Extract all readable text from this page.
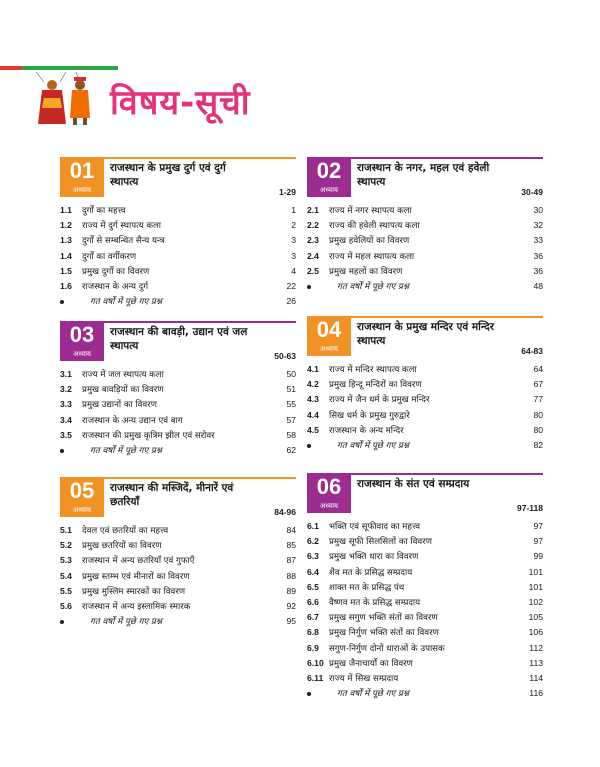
विषय-सूची
01
अध्याय
राजस्थान के प्रमुख दुर्ग एवं दुर्ग स्थापत्य
1-29
1.1	दुर्गों का महत्त्व	1
1.2	राज्य में दुर्ग स्थापत्य कला	2
1.3	दुर्गों से सम्बन्धित सैन्य यन्त्र	3
1.4	दुर्गों का वर्गीकरण	3
1.5	प्रमुख दुर्गों का विवरण	4
1.6	राजस्थान के अन्य दुर्ग	22
गत वर्षों में पूछे गए प्रश्न	26
02
अध्याय
राजस्थान के नगर, महल एवं हवेली स्थापत्य
30-49
2.1	राज्य में नगर स्थापत्य कला	30
2.2	राज्य की हवेली स्थापत्य कला	32
2.3	प्रमुख हवेलियों का विवरण	33
2.4	राज्य में महल स्थापत्य कला	36
2.5	प्रमुख महलों का विवरण	36
गत वर्षों में पूछे गए प्रश्न	48
03
अध्याय
राजस्थान की बावड़ी, उद्यान एवं जल स्थापत्य
50-63
3.1	राज्य में जल स्थापत्य कला	50
3.2	प्रमुख बावड़ियों का विवरण	51
3.3	प्रमुख उद्यानों का विवरण	55
3.4	राजस्थान के अन्य उद्यान एवं बाग	57
3.5	राजस्थान की प्रमुख कृत्रिम झील एवं सरोवर	58
गत वर्षों में पूछे गए प्रश्न	62
04
अध्याय
राजस्थान के प्रमुख मन्दिर एवं मन्दिर स्थापत्य
64-83
4.1	राज्य में मन्दिर स्थापत्य कला	64
4.2	प्रमुख हिन्दू मन्दिरों का विवरण	67
4.3	राज्य में जैन धर्म के प्रमुख मन्दिर	77
4.4	सिख धर्म के प्रमुख गुरुद्वारे	80
4.5	राजस्थान के अन्य मन्दिर	80
गत वर्षों में पूछे गए प्रश्न	82
05
अध्याय
राजस्थान की मस्जिदें, मीनारें एवं छतरियाँ
84-96
5.1	देवल एवं छतरियों का महत्त्व	84
5.2	प्रमुख छतरियों का विवरण	85
5.3	राजस्थान में अन्य छतरियाँ एवं गुफाएँ	87
5.4	प्रमुख स्तम्भ एवं मीनारों का विवरण	88
5.5	प्रमुख मुस्लिम स्मारकों का विवरण	89
5.6	राजस्थान में अन्य इस्लामिक स्मारक	92
गत वर्षों में पूछे गए प्रश्न	95
06
अध्याय
राजस्थान के संत एवं सम्प्रदाय
97-118
6.1	भक्ति एवं सूफीवाद का महत्त्व	97
6.2	प्रमुख सूफी सिलसिलों का विवरण	97
6.3	प्रमुख भक्ति धारा का विवरण	99
6.4	शैव मत के प्रसिद्ध सम्प्रदाय	101
6.5	शाक्त मत के प्रसिद्ध पंथ	101
6.6	वैष्णव मत के प्रसिद्ध सम्प्रदाय	102
6.7	प्रमुख सगुण भक्ति संतों का विवरण	105
6.8	प्रमुख निर्गुण भक्ति संतों का विवरण	106
6.9	सगुण-निर्गुण दोनों धाराओं के उपासक	112
6.10 प्रमुख जैनाचार्यों का विवरण	113
6.11 राज्य में सिख सम्प्रदाय	114
गत वर्षों में पूछे गए प्रश्न	116
